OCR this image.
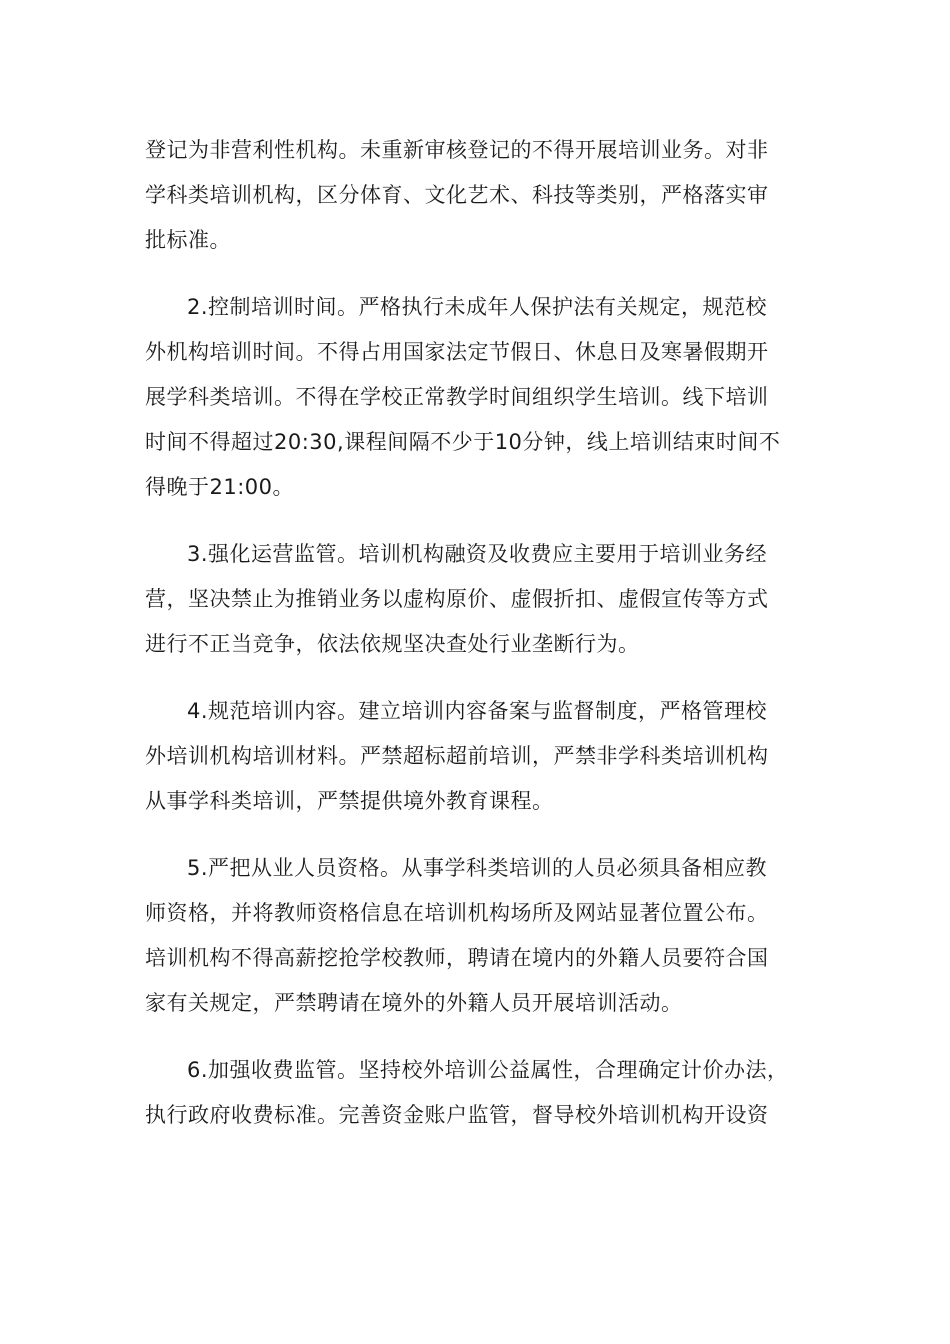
登记为非营利性机构。未重新审核登记的不得开展培训业务。对非
学科类培训机构，区分体育、文化艺术、科技等类别，严格落实审
批标准。
2.控制培训时间。严格执行未成年人保护法有关规定，规范校
外机构培训时间。不得占用国家法定节假日、休息日及寒暑假期开
展学科类培训。不得在学校正常教学时间组织学生培训。线下培训
时间不得超过20:30,课程间隔不少于10分钟，线上培训结束时间不
得晚于21:00。
3.强化运营监管。培训机构融资及收费应主要用于培训业务经
营，坚决禁止为推销业务以虚构原价、虚假折扣、虚假宣传等方式
进行不正当竞争，依法依规坚决查处行业垄断行为。
4.规范培训内容。建立培训内容备案与监督制度，严格管理校
外培训机构培训材料。严禁超标超前培训，严禁非学科类培训机构
从事学科类培训，严禁提供境外教育课程。
5.严把从业人员资格。从事学科类培训的人员必须具备相应教
师资格，并将教师资格信息在培训机构场所及网站显著位置公布。
培训机构不得高薪挖抢学校教师，聘请在境内的外籍人员要符合国
家有关规定，严禁聘请在境外的外籍人员开展培训活动。
6.加强收费监管。坚持校外培训公益属性，合理确定计价办法，
执行政府收费标准。完善资金账户监管，督导校外培训机构开设资
